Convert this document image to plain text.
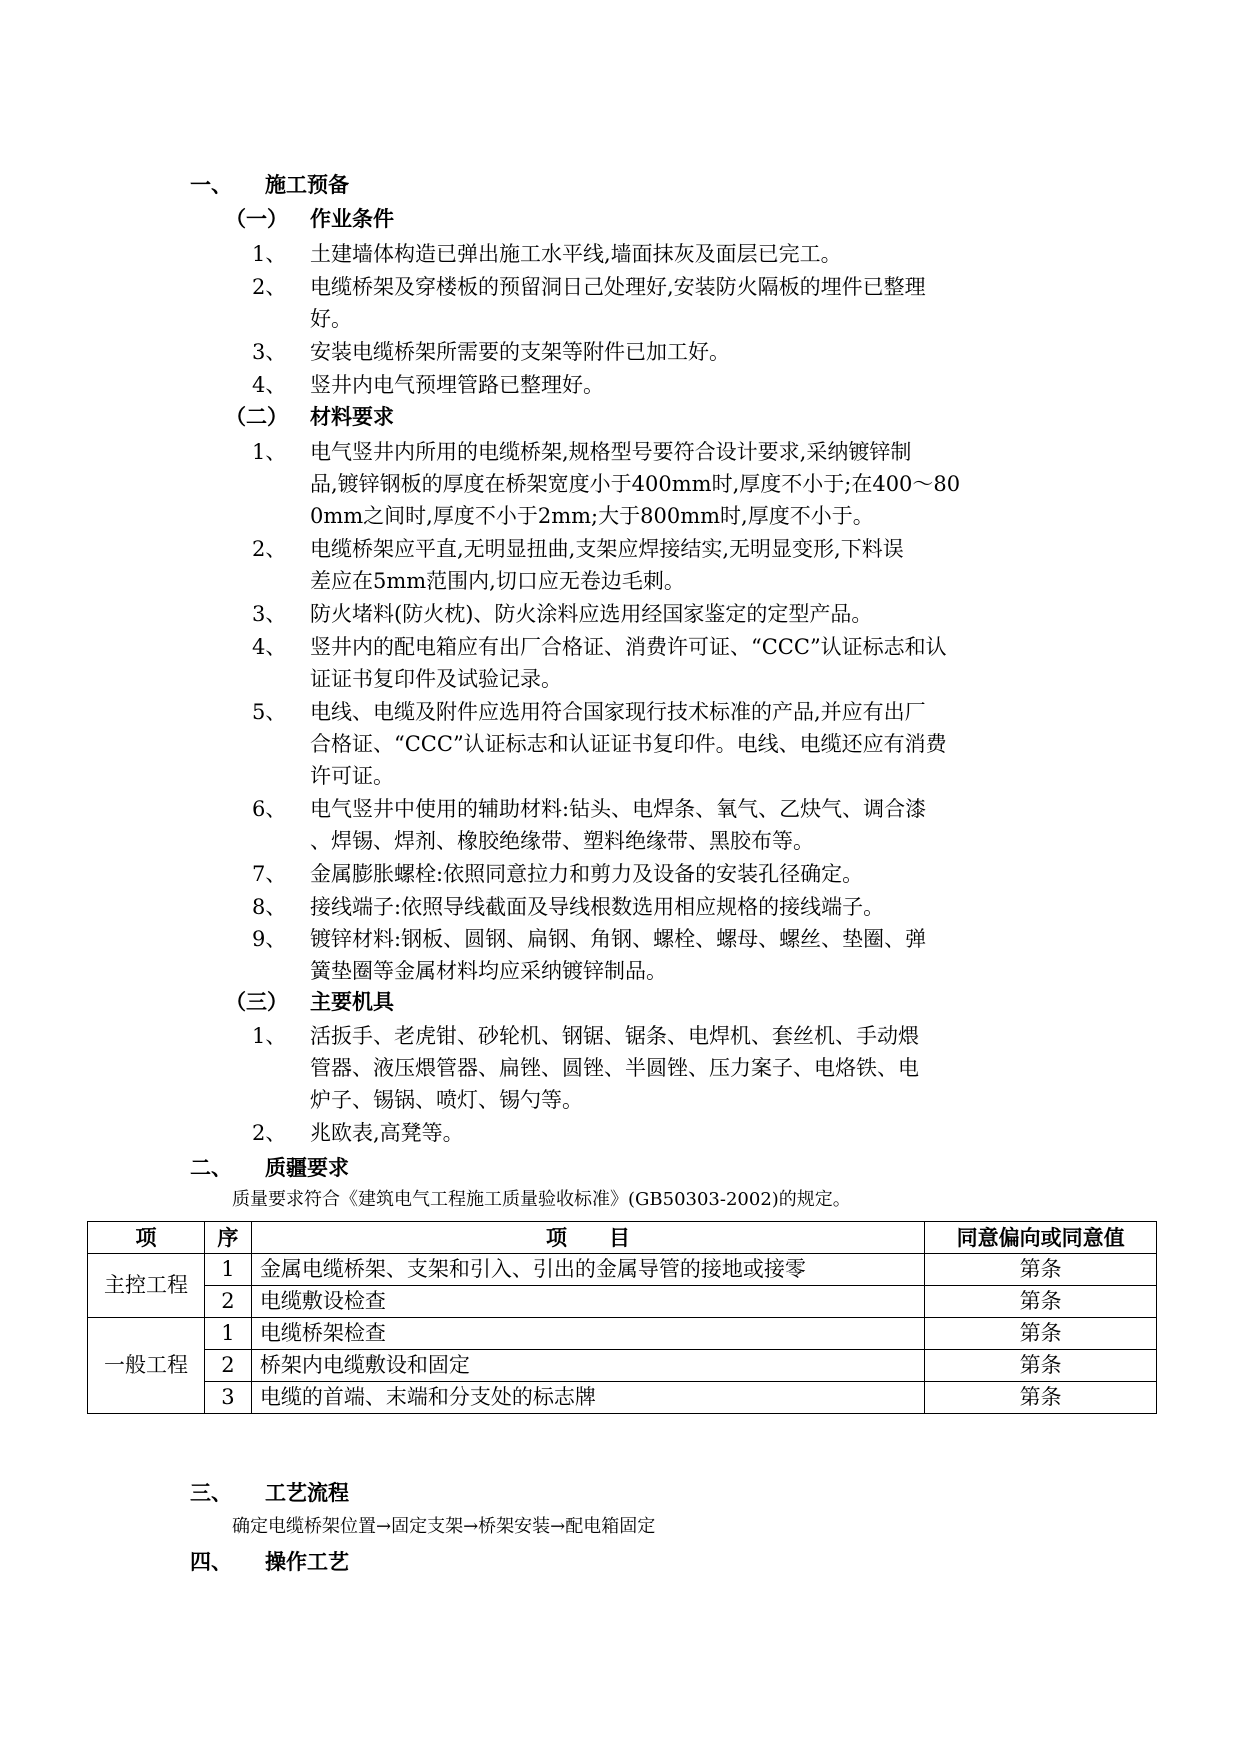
一、 施工预备
（一） 作业条件
1、 土建墙体构造已弹出施工水平线,墙面抹灰及面层已完工。
2、 电缆桥架及穿楼板的预留洞日己处理好,安装防火隔板的埋件已整理
好。
3、 安装电缆桥架所需要的支架等附件已加工好。
4、 竖井内电气预埋管路已整理好。
（二） 材料要求
1、 电气竖井内所用的电缆桥架,规格型号要符合设计要求,采纳镀锌制
品,镀锌钢板的厚度在桥架宽度小于400mm时,厚度不小于;在400～80
0mm之间时,厚度不小于2mm;大于800mm时,厚度不小于。
2、 电缆桥架应平直,无明显扭曲,支架应焊接结实,无明显变形,下料误
差应在5mm范围内,切口应无卷边毛刺。
3、 防火堵料(防火枕)、防火涂料应选用经国家鉴定的定型产品。
4、 竖井内的配电箱应有出厂合格证、消费许可证、“CCC”认证标志和认
证证书复印件及试验记录。
5、 电线、电缆及附件应选用符合国家现行技术标准的产品,并应有出厂
合格证、“CCC”认证标志和认证证书复印件。电线、电缆还应有消费
许可证。
6、 电气竖井中使用的辅助材料:钻头、电焊条、氧气、乙炔气、调合漆
、焊锡、焊剂、橡胶绝缘带、塑料绝缘带、黑胶布等。
7、 金属膨胀螺栓:依照同意拉力和剪力及设备的安装孔径确定。
8、 接线端子:依照导线截面及导线根数选用相应规格的接线端子。
9、 镀锌材料:钢板、圆钢、扁钢、角钢、螺栓、螺母、螺丝、垫圈、弹
簧垫圈等金属材料均应采纳镀锌制品。
（三） 主要机具
1、 活扳手、老虎钳、砂轮机、钢锯、锯条、电焊机、套丝机、手动煨
管器、液压煨管器、扁锉、圆锉、半圆锉、压力案子、电烙铁、电
炉子、锡锅、喷灯、锡勺等。
2、 兆欧表,高凳等。
二、 质疆要求
质量要求符合《建筑电气工程施工质量验收标准》(GB50303-2002)的规定。
项	序	项　　目	同意偏向或同意值
主控工程	1	金属电缆桥架、支架和引入、引出的金属导管的接地或接零	第条
	2	电缆敷设检查	第条
一般工程	1	电缆桥架检查	第条
	2	桥架内电缆敷设和固定	第条
	3	电缆的首端、末端和分支处的标志牌	第条
三、 工艺流程
确定电缆桥架位置→固定支架→桥架安装→配电箱固定
四、 操作工艺
